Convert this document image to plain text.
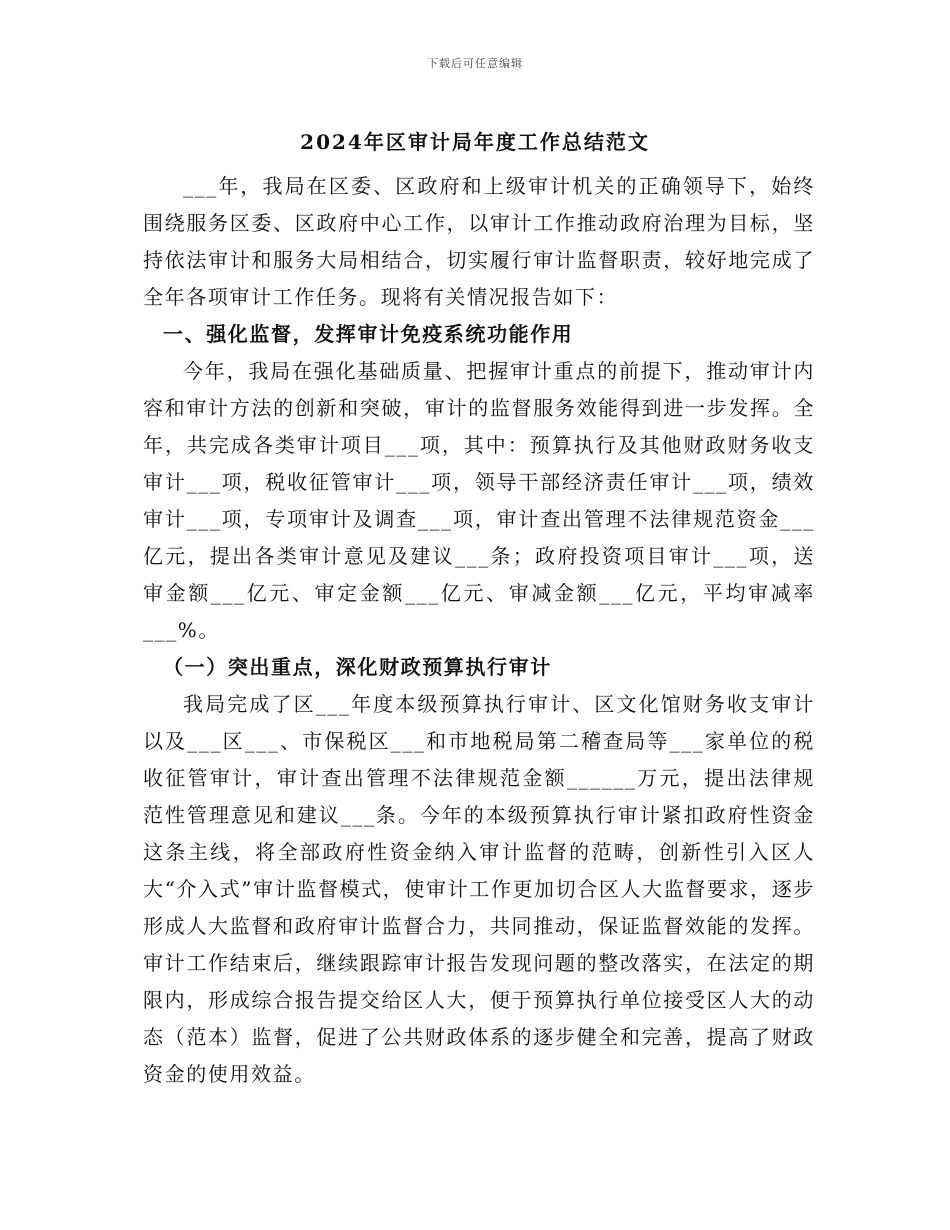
下载后可任意编辑
2024年区审计局年度工作总结范文

___年，我局在区委、区政府和上级审计机关的正确领导下，始终围绕服务区委、区政府中心工作，以审计工作推动政府治理为目标，坚持依法审计和服务大局相结合，切实履行审计监督职责，较好地完成了全年各项审计工作任务。现将有关情况报告如下：

一、强化监督，发挥审计免疫系统功能作用

今年，我局在强化基础质量、把握审计重点的前提下，推动审计内容和审计方法的创新和突破，审计的监督服务效能得到进一步发挥。全年，共完成各类审计项目___项，其中：预算执行及其他财政财务收支审计___项，税收征管审计___项，领导干部经济责任审计___项，绩效审计___项，专项审计及调查___项，审计查出管理不法律规范资金___亿元，提出各类审计意见及建议___条；政府投资项目审计___项，送审金额___亿元、审定金额___亿元、审减金额___亿元，平均审减率___%。

（一）突出重点，深化财政预算执行审计

我局完成了区___年度本级预算执行审计、区文化馆财务收支审计以及___区___、市保税区___和市地税局第二稽查局等___家单位的税收征管审计，审计查出管理不法律规范金额______万元，提出法律规范性管理意见和建议___条。今年的本级预算执行审计紧扣政府性资金这条主线，将全部政府性资金纳入审计监督的范畴，创新性引入区人大“介入式”审计监督模式，使审计工作更加切合区人大监督要求，逐步形成人大监督和政府审计监督合力，共同推动，保证监督效能的发挥。审计工作结束后，继续跟踪审计报告发现问题的整改落实，在法定的期限内，形成综合报告提交给区人大，便于预算执行单位接受区人大的动态（范本）监督，促进了公共财政体系的逐步健全和完善，提高了财政资金的使用效益。
